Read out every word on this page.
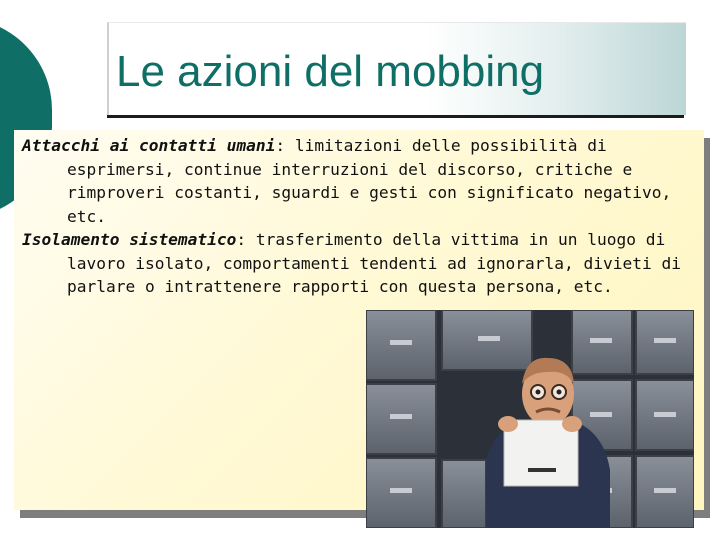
Le azioni del mobbing

Attacchi ai contatti umani: limitazioni delle possibilità di esprimersi, continue interruzioni del discorso, critiche e rimproveri costanti, sguardi e gesti con significato negativo, etc.

Isolamento sistematico: trasferimento della vittima in un luogo di lavoro isolato, comportamenti tendenti ad ignorarla, divieti di parlare o intrattenere rapporti con questa persona, etc.
